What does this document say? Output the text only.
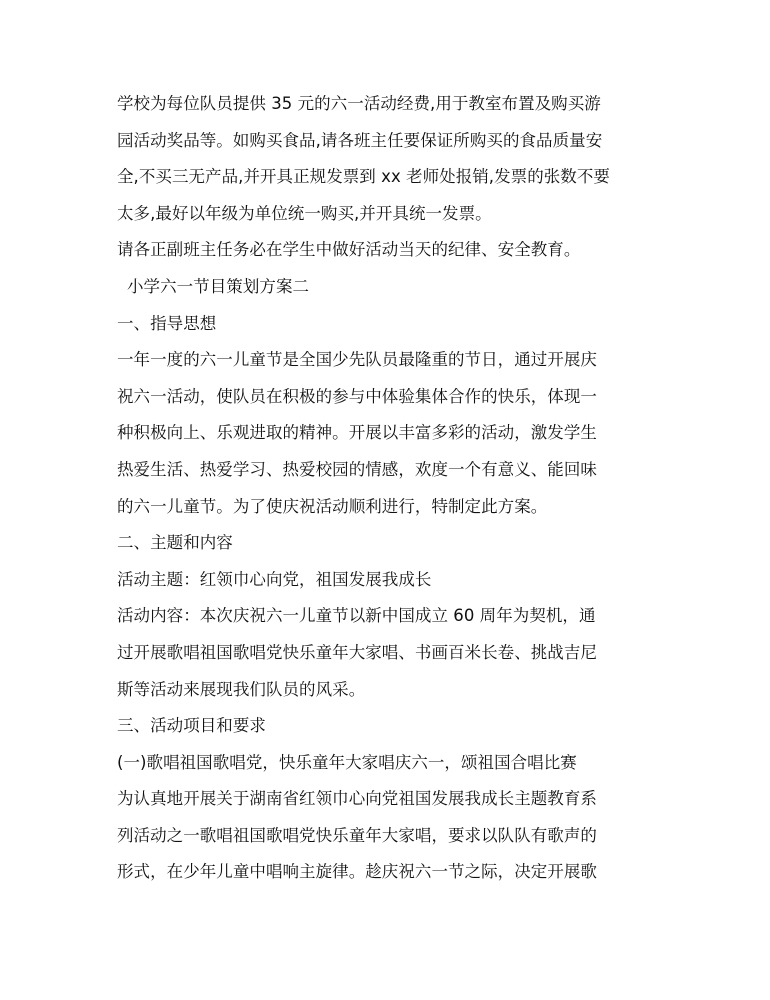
学校为每位队员提供 35 元的六一活动经费,用于教室布置及购买游
园活动奖品等。如购买食品,请各班主任要保证所购买的食品质量安
全,不买三无产品,并开具正规发票到 xx 老师处报销,发票的张数不要
太多,最好以年级为单位统一购买,并开具统一发票。
请各正副班主任务必在学生中做好活动当天的纪律、安全教育。
小学六一节目策划方案二
一、指导思想
一年一度的六一儿童节是全国少先队员最隆重的节日，通过开展庆
祝六一活动，使队员在积极的参与中体验集体合作的快乐，体现一
种积极向上、乐观进取的精神。开展以丰富多彩的活动，激发学生
热爱生活、热爱学习、热爱校园的情感，欢度一个有意义、能回味
的六一儿童节。为了使庆祝活动顺利进行，特制定此方案。
二、主题和内容
活动主题：红领巾心向党，祖国发展我成长
活动内容：本次庆祝六一儿童节以新中国成立 60 周年为契机，通
过开展歌唱祖国歌唱党快乐童年大家唱、书画百米长卷、挑战吉尼
斯等活动来展现我们队员的风采。
三、活动项目和要求
(一)歌唱祖国歌唱党，快乐童年大家唱庆六一，颂祖国合唱比赛
为认真地开展关于湖南省红领巾心向党祖国发展我成长主题教育系
列活动之一歌唱祖国歌唱党快乐童年大家唱，要求以队队有歌声的
形式，在少年儿童中唱响主旋律。趁庆祝六一节之际，决定开展歌
